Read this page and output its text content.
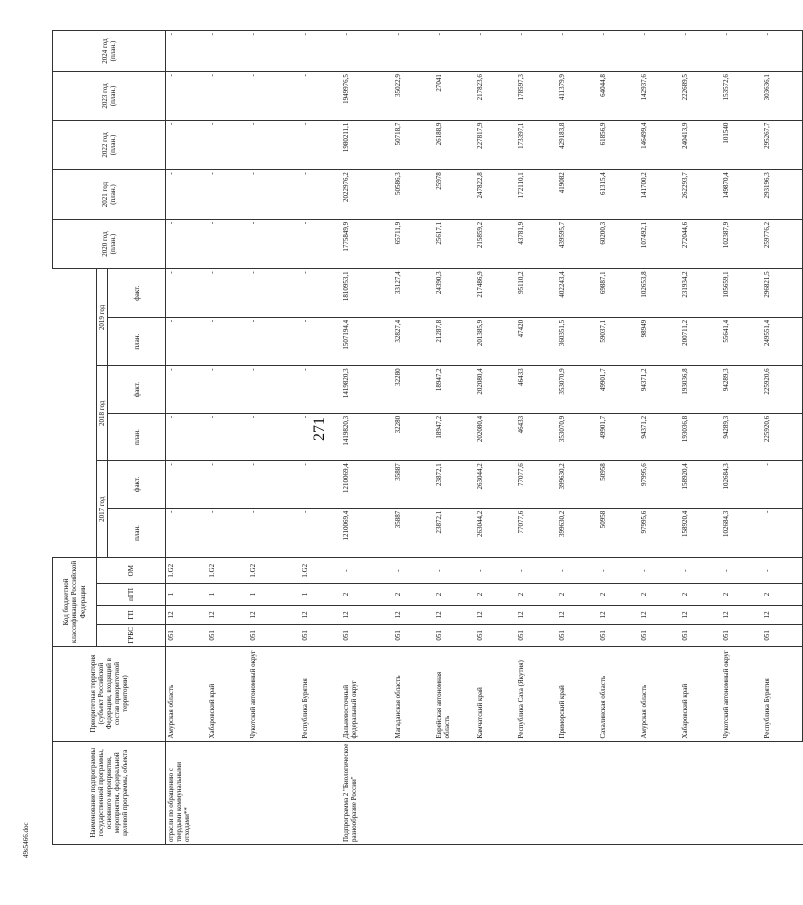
271
49s5466.doc
Наименование подпрограммы государственной программы, основного мероприятия, мероприятия, федеральной целевой программы, объекта	Приоритетная территория (субъект Российской Федерации, входящий в состав приоритетной территории)	Код бюджетной классификации Российской Федерации										2020 год (план.)	2021 год (план.)	2022 год (план.)	2023 год (план.)	2024 год (план.)
		ГРБС	ГП	пГП	ОМ	2017 год		2018 год		2019 год						
						план.	факт.	план.	факт.	план.	факт.					
отрасли по обращению с твердыми коммунальными отходами**	Амурская область	051	12	1	1.G2	-	-	-	-	-	-	-	-	-	-	-
	Хабаровский край	051	12	1	1.G2	-	-	-	-	-	-	-	-	-	-	-
	Чукотский автономный округ	051	12	1	1.G2	-	-	-	-	-	-	-	-	-	-	-
	Республика Бурятия	051	12	1	1.G2	-	-	-	-	-	-	-	-	-	-	-
Подпрограмма 2 "Биологическое разнообразие России"	Дальневосточный федеральный округ	051	12	2	-	1210069,4	1210069,4	1419820,3	1419820,3	1507194,4	1810953,1	1775849,9	2022976,2	1980211,1	1949976,5	-
	Магаданская область	051	12	2	-	35887	35887	32280	32280	32827,4	33127,4	65711,9	50586,3	50718,7	35022,9	-
	Еврейская автономная область	051	12	2	-	23872,1	23872,1	18947,2	18947,2	21287,8	24390,3	25617,1	25978	26188,9	27041	-
	Камчатский край	051	12	2	-	263044,2	263044,2	202080,4	202080,4	201385,9	217486,9	215859,2	247822,8	227817,9	217823,6	-
	Республика Саха (Якутия)	051	12	2	-	77077,6	77077,6	46433	46433	47420	95110,2	43781,9	172110,1	173397,1	178597,3	-
	Приморский край	051	12	2	-	399630,2	399630,2	353070,9	353070,9	360351,5	402243,4	439595,7	419082	429183,8	411379,9	-
	Сахалинская область	051	12	2	-	50958	50958	49901,7	49901,7	59037,1	69887,1	60200,3	61315,4	61856,9	64044,8	-
	Амурская область	051	12	2	-	97995,6	97995,6	94371,2	94371,2	98949	102653,8	107492,1	141700,2	146499,4	142937,6	-
	Хабаровский край	051	12	2	-	158920,4	158920,4	193036,8	193036,8	200711,2	231934,2	272044,6	262293,7	240413,9	222689,5	-
	Чукотский автономный округ	051	12	2	-	102684,3	102684,3	94289,3	94289,3	55641,4	105659,1	102387,9	149870,4	101540	153572,6	-
	Республика Бурятия	051	12	2	-	-	-	225920,6	225920,6	249551,4	296821,5	259776,2	293196,3	295267,7	303636,1	-
